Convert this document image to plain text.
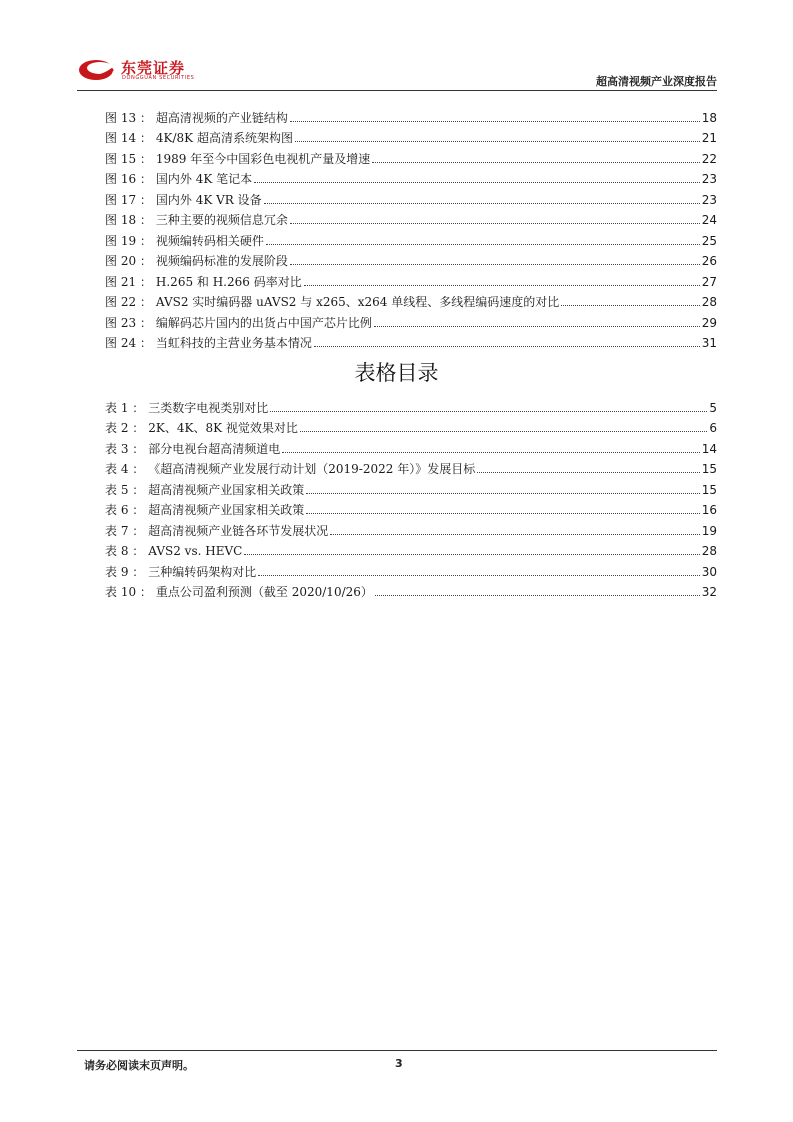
东莞证券
DONGGUAN SECURITIES	超高清视频产业深度报告
图 13 ： 超高清视频的产业链结构	18
图 14 ： 4K/8K 超高清系统架构图	21
图 15 ： 1989 年至今中国彩色电视机产量及增速	22
图 16 ： 国内外 4K 笔记本	23
图 17 ： 国内外 4K VR 设备	23
图 18 ： 三种主要的视频信息冗余	24
图 19 ： 视频编转码相关硬件	25
图 20 ： 视频编码标准的发展阶段	26
图 21 ： H.265 和 H.266 码率对比	27
图 22 ： AVS2 实时编码器 uAVS2 与 x265、x264 单线程、多线程编码速度的对比	28
图 23 ： 编解码芯片国内的出货占中国产芯片比例	29
图 24 ： 当虹科技的主营业务基本情况	31
表格目录
表 1 ： 三类数字电视类别对比	5
表 2 ： 2K、4K、8K 视觉效果对比	6
表 3 ： 部分电视台超高清频道电	14
表 4 ： 《超高清视频产业发展行动计划（2019-2022 年）》发展目标	15
表 5 ： 超高清视频产业国家相关政策	15
表 6 ： 超高清视频产业国家相关政策	16
表 7 ： 超高清视频产业链各环节发展状况	19
表 8 ： AVS2 vs. HEVC	28
表 9 ： 三种编转码架构对比	30
表 10 ： 重点公司盈利预测（截至 2020/10/26）	32
请务必阅读末页声明。	3
